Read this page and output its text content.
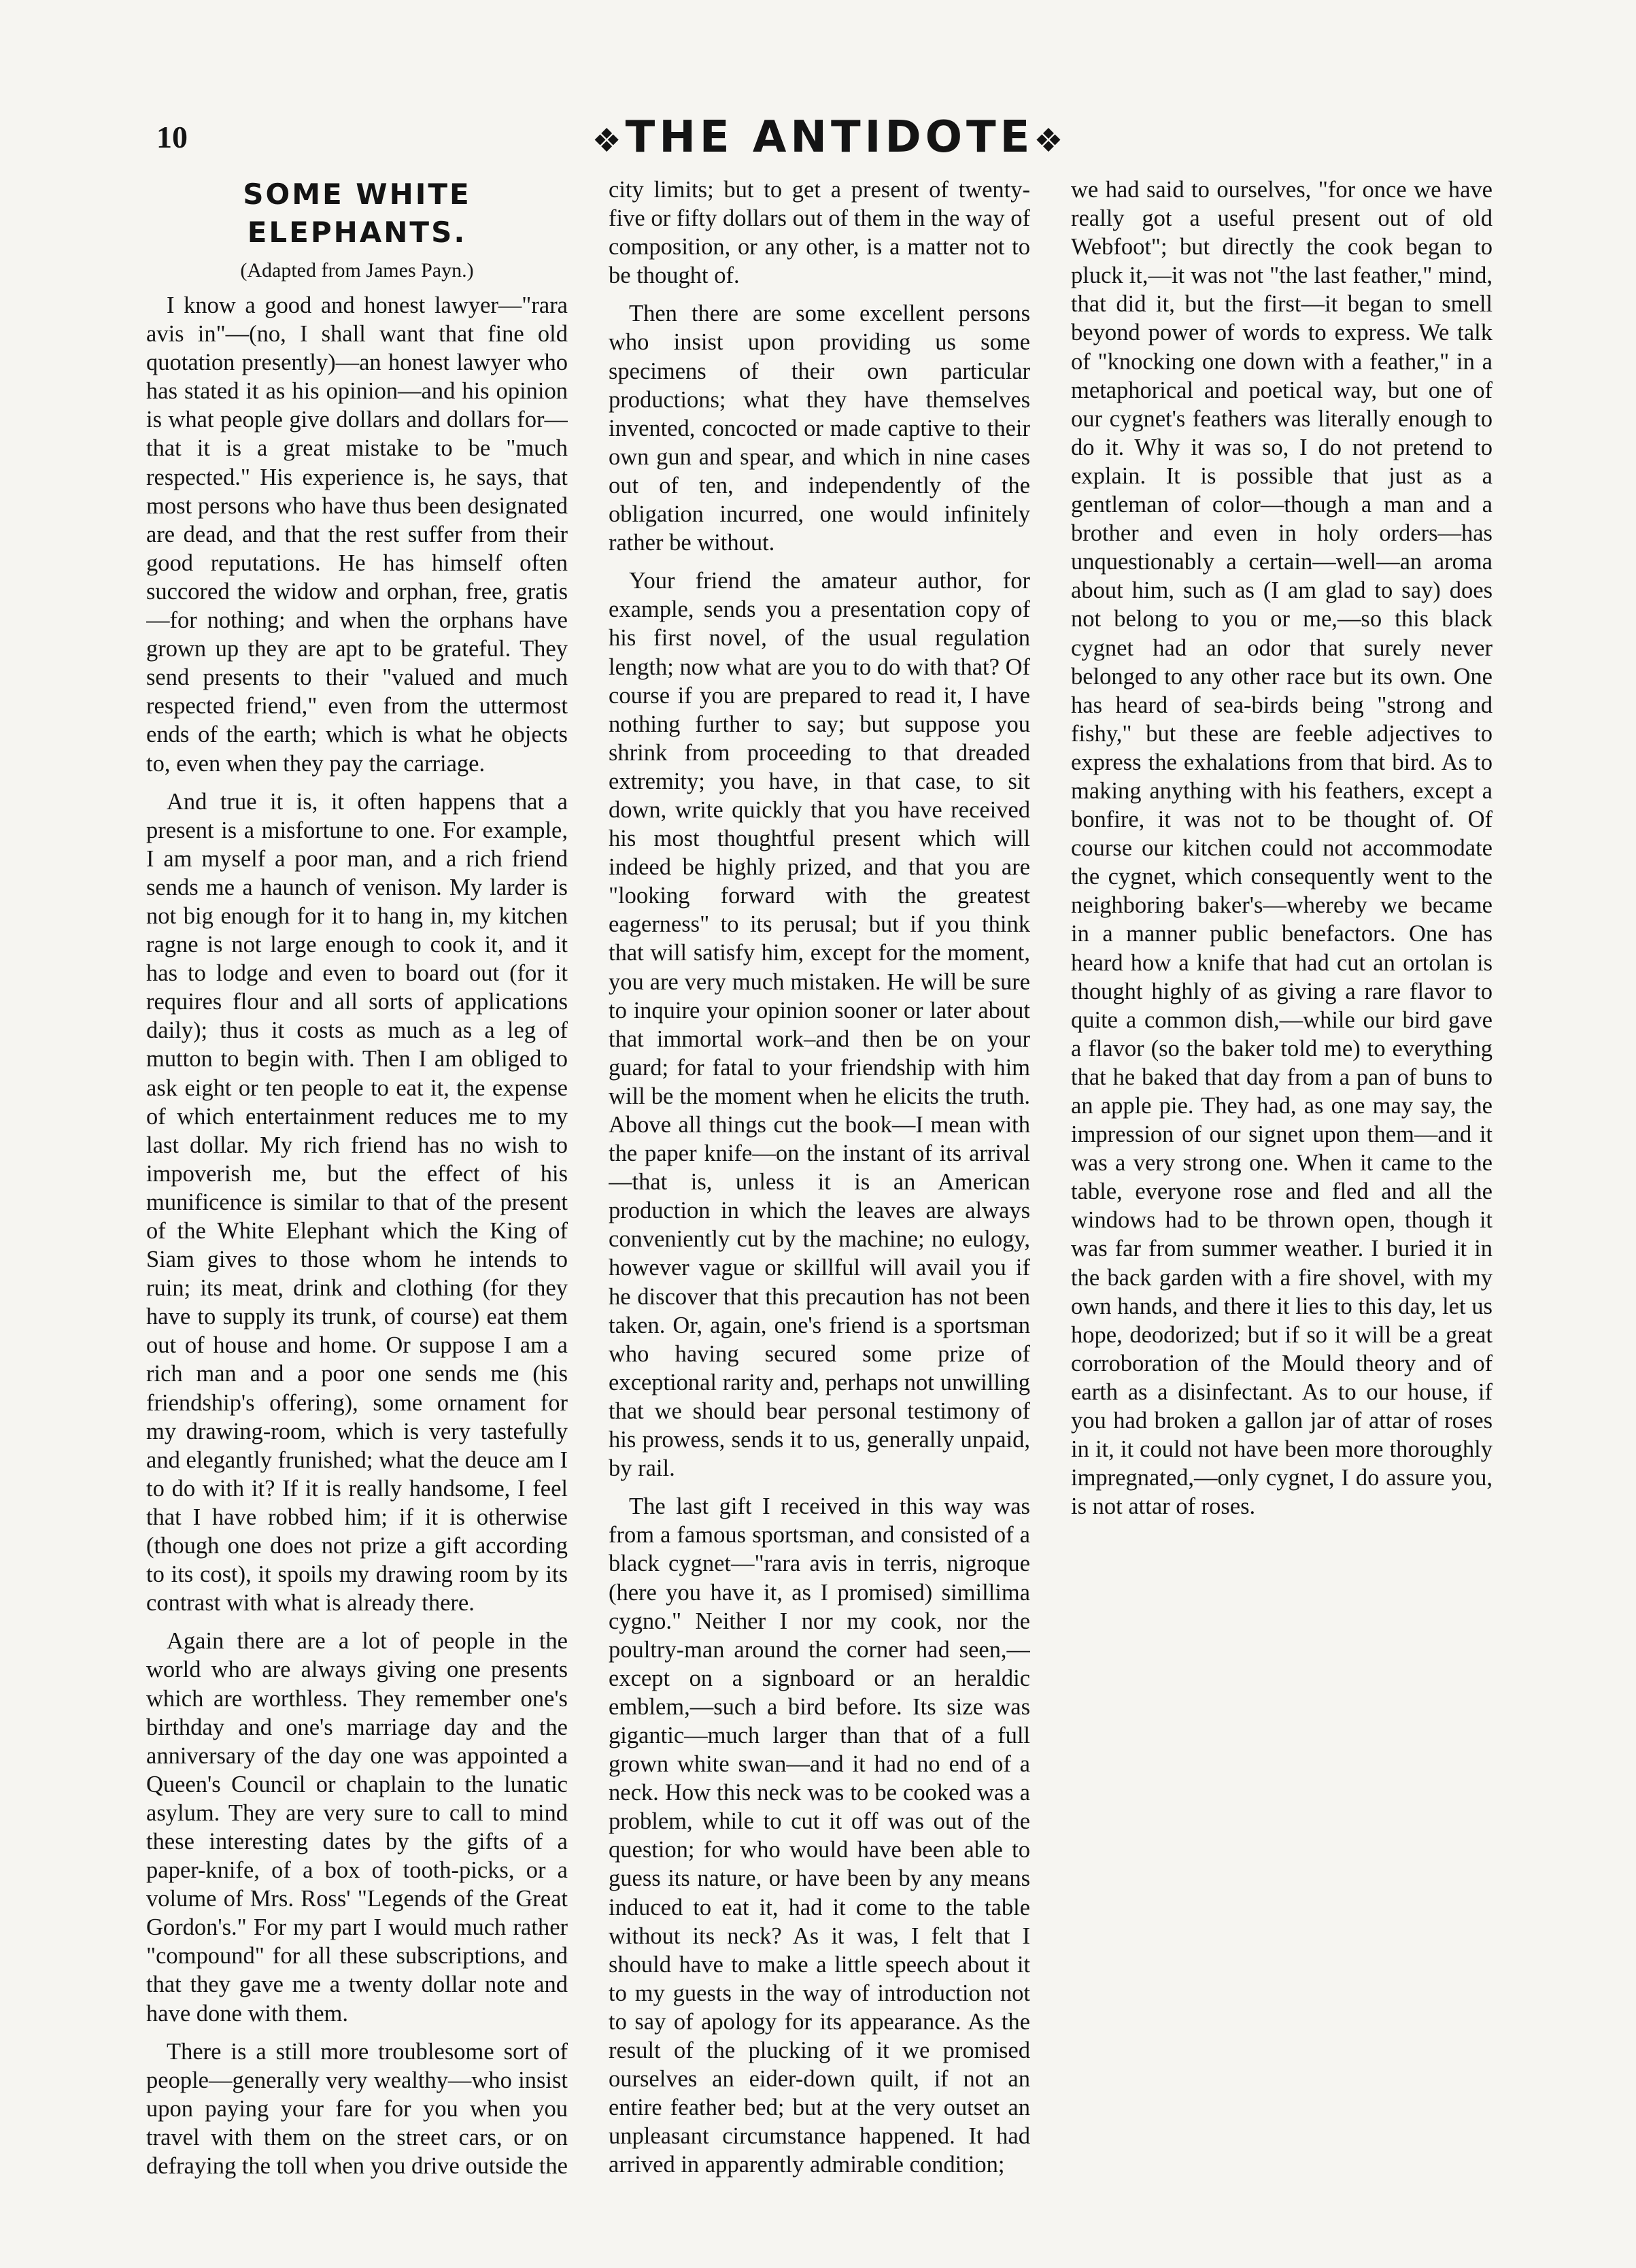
10	❖THE ANTIDOTE❖
SOME WHITE ELEPHANTS.
(Adapted from James Payn.)

I know a good and honest lawyer—"rara avis in"—(no, I shall want that fine old quotation presently)—an honest lawyer who has stated it as his opinion—and his opinion is what people give dollars and dollars for—that it is a great mistake to be "much respected." His experience is, he says, that most persons who have thus been designated are dead, and that the rest suffer from their good reputations. He has himself often succored the widow and orphan, free, gratis—for nothing; and when the orphans have grown up they are apt to be grateful. They send presents to their "valued and much respected friend," even from the uttermost ends of the earth; which is what he objects to, even when they pay the carriage.

And true it is, it often happens that a present is a misfortune to one. For example, I am myself a poor man, and a rich friend sends me a haunch of venison. My larder is not big enough for it to hang in, my kitchen ragne is not large enough to cook it, and it has to lodge and even to board out (for it requires flour and all sorts of applications daily); thus it costs as much as a leg of mutton to begin with. Then I am obliged to ask eight or ten people to eat it, the expense of which entertainment reduces me to my last dollar. My rich friend has no wish to impoverish me, but the effect of his munificence is similar to that of the present of the White Elephant which the King of Siam gives to those whom he intends to ruin; its meat, drink and clothing (for they have to supply its trunk, of course) eat them out of house and home. Or suppose I am a rich man and a poor one sends me (his friendship's offering), some ornament for my drawing-room, which is very tastefully and elegantly frunished; what the deuce am I to do with it? If it is really handsome, I feel that I have robbed him; if it is otherwise (though one does not prize a gift according to its cost), it spoils my drawing room by its contrast with what is already there.

Again there are a lot of people in the world who are always giving one presents which are worthless. They remember one's birthday and one's marriage day and the anniversary of the day one was appointed a Queen's Council or chaplain to the lunatic asylum. They are very sure to call to mind these interesting dates by the gifts of a paper-knife, of a box of tooth-picks, or a volume of Mrs. Ross' "Legends of the Great Gordon's." For my part I would much rather "compound" for all these subscriptions, and that they gave me a twenty dollar note and have done with them.

There is a still more troublesome sort of people—generally very wealthy—who insist upon paying your fare for you when you travel with them on the street cars, or on defraying the toll when you drive outside the

city limits; but to get a present of twenty-five or fifty dollars out of them in the way of composition, or any other, is a matter not to be thought of.

Then there are some excellent persons who insist upon providing us some specimens of their own particular productions; what they have themselves invented, concocted or made captive to their own gun and spear, and which in nine cases out of ten, and independently of the obligation incurred, one would infinitely rather be without.

Your friend the amateur author, for example, sends you a presentation copy of his first novel, of the usual regulation length; now what are you to do with that? Of course if you are prepared to read it, I have nothing further to say; but suppose you shrink from proceeding to that dreaded extremity; you have, in that case, to sit down, write quickly that you have received his most thoughtful present which will indeed be highly prized, and that you are "looking forward with the greatest eagerness" to its perusal; but if you think that will satisfy him, except for the moment, you are very much mistaken. He will be sure to inquire your opinion sooner or later about that immortal work–and then be on your guard; for fatal to your friendship with him will be the moment when he elicits the truth. Above all things cut the book—I mean with the paper knife—on the instant of its arrival—that is, unless it is an American production in which the leaves are always conveniently cut by the machine; no eulogy, however vague or skillful will avail you if he discover that this precaution has not been taken. Or, again, one's friend is a sportsman who having secured some prize of exceptional rarity and, perhaps not unwilling that we should bear personal testimony of his prowess, sends it to us, generally unpaid, by rail.

The last gift I received in this way was from a famous sportsman, and consisted of a black cygnet—"rara avis in terris, nigroque (here you have it, as I promised) simillima cygno." Neither I nor my cook, nor the poultry-man around the corner had seen,—except on a signboard or an heraldic emblem,—such a bird before. Its size was gigantic—much larger than that of a full grown white swan—and it had no end of a neck. How this neck was to be cooked was a problem, while to cut it off was out of the question; for who would have been able to guess its nature, or have been by any means induced to eat it, had it come to the table without its neck? As it was, I felt that I should have to make a little speech about it to my guests in the way of introduction not to say of apology for its appearance. As the result of the plucking of it we promised ourselves an eider-down quilt, if not an entire feather bed; but at the very outset an unpleasant circumstance happened. It had arrived in apparently admirable condition;

we had said to ourselves, "for once we have really got a useful present out of old Webfoot"; but directly the cook began to pluck it,—it was not "the last feather," mind, that did it, but the first—it began to smell beyond power of words to express. We talk of "knocking one down with a feather," in a metaphorical and poetical way, but one of our cygnet's feathers was literally enough to do it. Why it was so, I do not pretend to explain. It is possible that just as a gentleman of color—though a man and a brother and even in holy orders—has unquestionably a certain—well—an aroma about him, such as (I am glad to say) does not belong to you or me,—so this black cygnet had an odor that surely never belonged to any other race but its own. One has heard of sea-birds being "strong and fishy," but these are feeble adjectives to express the exhalations from that bird. As to making anything with his feathers, except a bonfire, it was not to be thought of. Of course our kitchen could not accommodate the cygnet, which consequently went to the neighboring baker's—whereby we became in a manner public benefactors. One has heard how a knife that had cut an ortolan is thought highly of as giving a rare flavor to quite a common dish,—while our bird gave a flavor (so the baker told me) to everything that he baked that day from a pan of buns to an apple pie. They had, as one may say, the impression of our signet upon them—and it was a very strong one. When it came to the table, everyone rose and fled and all the windows had to be thrown open, though it was far from summer weather. I buried it in the back garden with a fire shovel, with my own hands, and there it lies to this day, let us hope, deodorized; but if so it will be a great corroboration of the Mould theory and of earth as a disinfectant. As to our house, if you had broken a gallon jar of attar of roses in it, it could not have been more thoroughly impregnated,—only cygnet, I do assure you, is not attar of roses.
